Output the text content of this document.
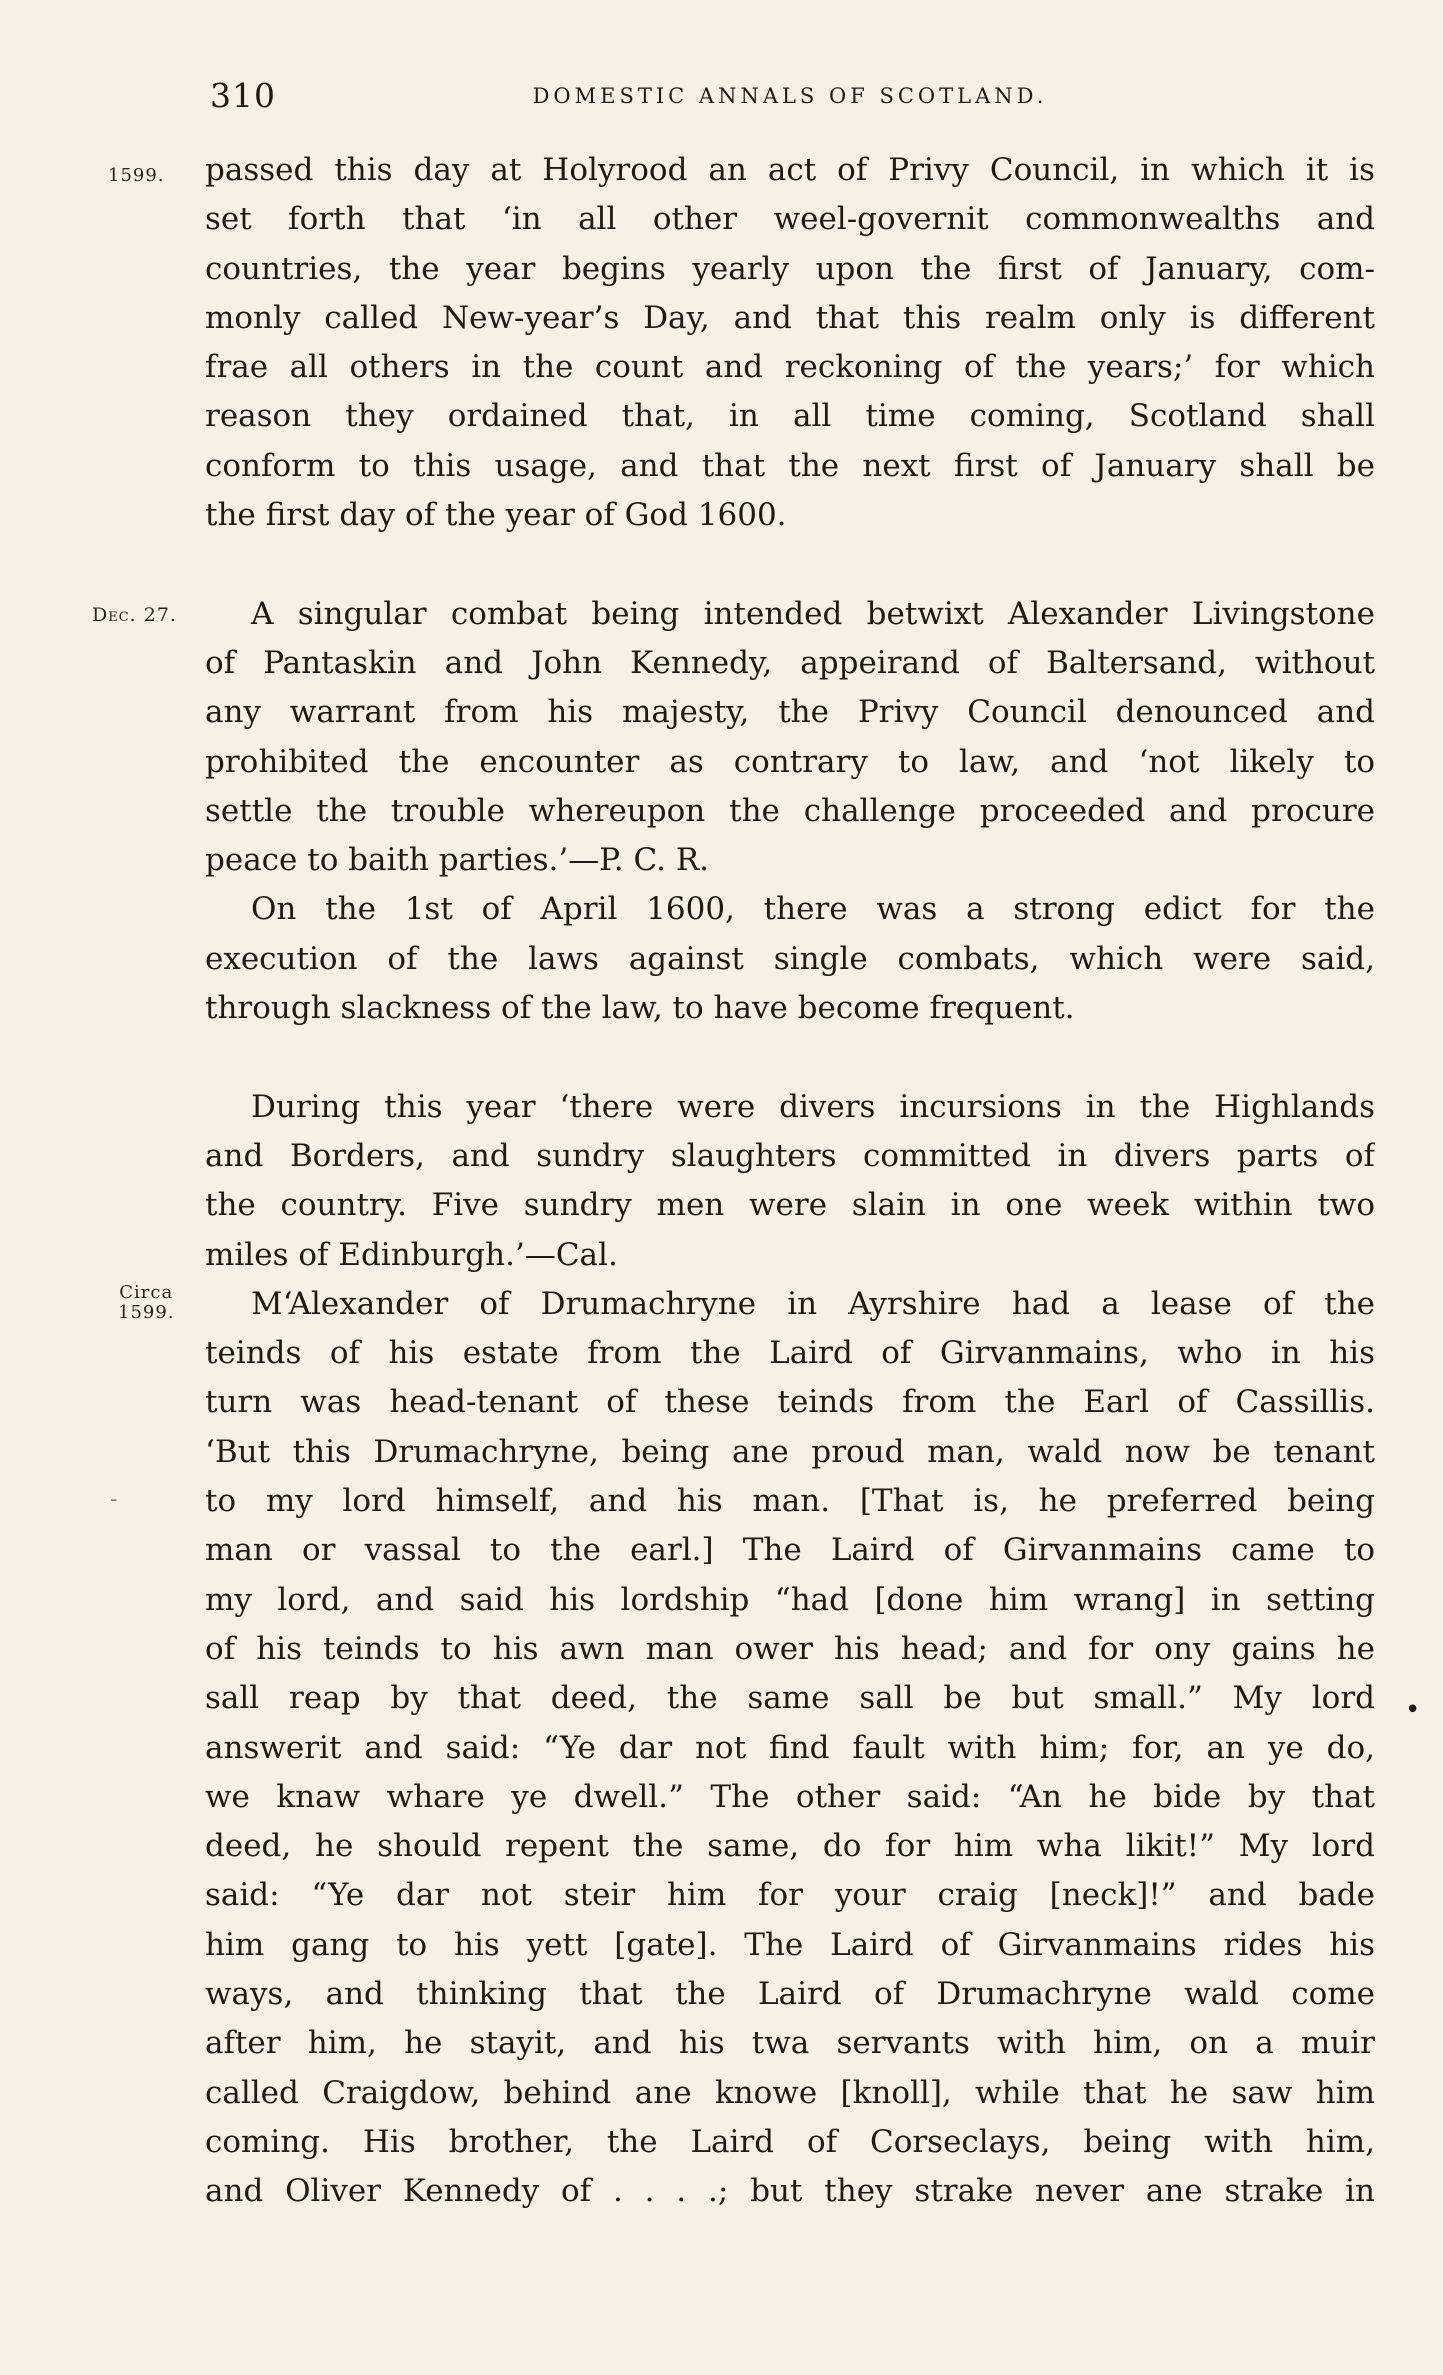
310	DOMESTIC ANNALS OF SCOTLAND.
1599.
Dec. 27.
Circa
1599.
-
•
passed this day at Holyrood an act of Privy Council, in which it is
set forth that ‘in all other weel-governit commonwealths and
countries, the year begins yearly upon the first of January, com-
monly called New-year’s Day, and that this realm only is different
frae all others in the count and reckoning of the years;’ for which
reason they ordained that, in all time coming, Scotland shall
conform to this usage, and that the next first of January shall be
the first day of the year of God 1600.
A singular combat being intended betwixt Alexander Livingstone
of Pantaskin and John Kennedy, appeirand of Baltersand, without
any warrant from his majesty, the Privy Council denounced and
prohibited the encounter as contrary to law, and ‘not likely to
settle the trouble whereupon the challenge proceeded and procure
peace to baith parties.’—P. C. R.
On the 1st of April 1600, there was a strong edict for the
execution of the laws against single combats, which were said,
through slackness of the law, to have become frequent.
During this year ‘there were divers incursions in the Highlands
and Borders, and sundry slaughters committed in divers parts of
the country. Five sundry men were slain in one week within two
miles of Edinburgh.’—Cal.
M‘Alexander of Drumachryne in Ayrshire had a lease of the
teinds of his estate from the Laird of Girvanmains, who in his
turn was head-tenant of these teinds from the Earl of Cassillis.
‘But this Drumachryne, being ane proud man, wald now be tenant
to my lord himself, and his man. [That is, he preferred being
man or vassal to the earl.] The Laird of Girvanmains came to
my lord, and said his lordship “had [done him wrang] in setting
of his teinds to his awn man ower his head; and for ony gains he
sall reap by that deed, the same sall be but small.” My lord
answerit and said: “Ye dar not find fault with him; for, an ye do,
we knaw whare ye dwell.” The other said: “An he bide by that
deed, he should repent the same, do for him wha likit!” My lord
said: “Ye dar not steir him for your craig [neck]!” and bade
him gang to his yett [gate]. The Laird of Girvanmains rides his
ways, and thinking that the Laird of Drumachryne wald come
after him, he stayit, and his twa servants with him, on a muir
called Craigdow, behind ane knowe [knoll], while that he saw him
coming. His brother, the Laird of Corseclays, being with him,
and Oliver Kennedy of . . . .; but they strake never ane strake in
